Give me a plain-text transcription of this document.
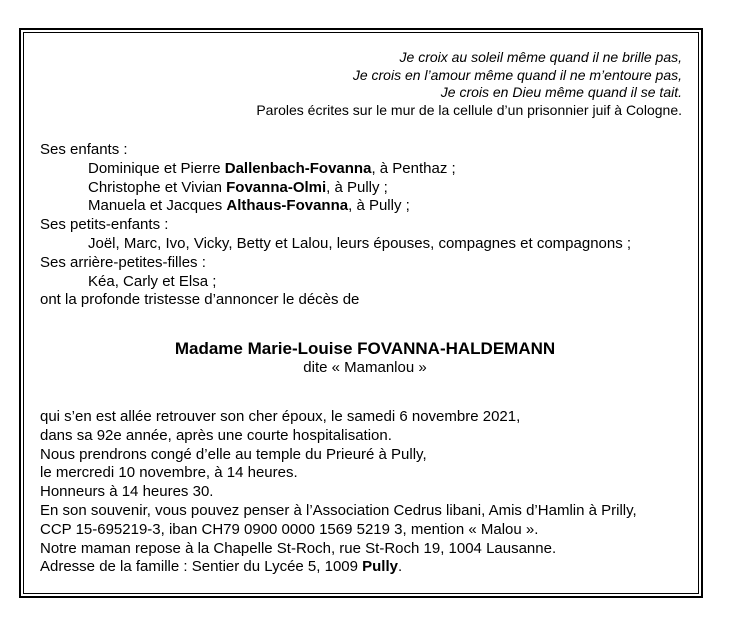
Je croix au soleil même quand il ne brille pas,
Je crois en l’amour même quand il ne m’entoure pas,
Je crois en Dieu même quand il se tait.
Paroles écrites sur le mur de la cellule d’un prisonnier juif à Cologne.
Ses enfants :
Dominique et Pierre Dallenbach-Fovanna, à Penthaz ;
Christophe et Vivian Fovanna-Olmi, à Pully ;
Manuela et Jacques Althaus-Fovanna, à Pully ;
Ses petits-enfants :
Joël, Marc, Ivo, Vicky, Betty et Lalou, leurs épouses, compagnes et compagnons ;
Ses arrière-petites-filles :
Kéa, Carly et Elsa ;
ont la profonde tristesse d’annoncer le décès de
Madame Marie-Louise FOVANNA-HALDEMANN
dite « Mamanlou »
qui s’en est allée retrouver son cher époux, le samedi 6 novembre 2021,
dans sa 92e année, après une courte hospitalisation.
Nous prendrons congé d’elle au temple du Prieuré à Pully,
le mercredi 10 novembre, à 14 heures.
Honneurs à 14 heures 30.
En son souvenir, vous pouvez penser à l’Association Cedrus libani, Amis d’Hamlin à Prilly,
CCP 15-695219-3, iban CH79 0900 0000 1569 5219 3, mention « Malou ».
Notre maman repose à la Chapelle St-Roch, rue St-Roch 19, 1004 Lausanne.
Adresse de la famille : Sentier du Lycée 5, 1009 Pully.
